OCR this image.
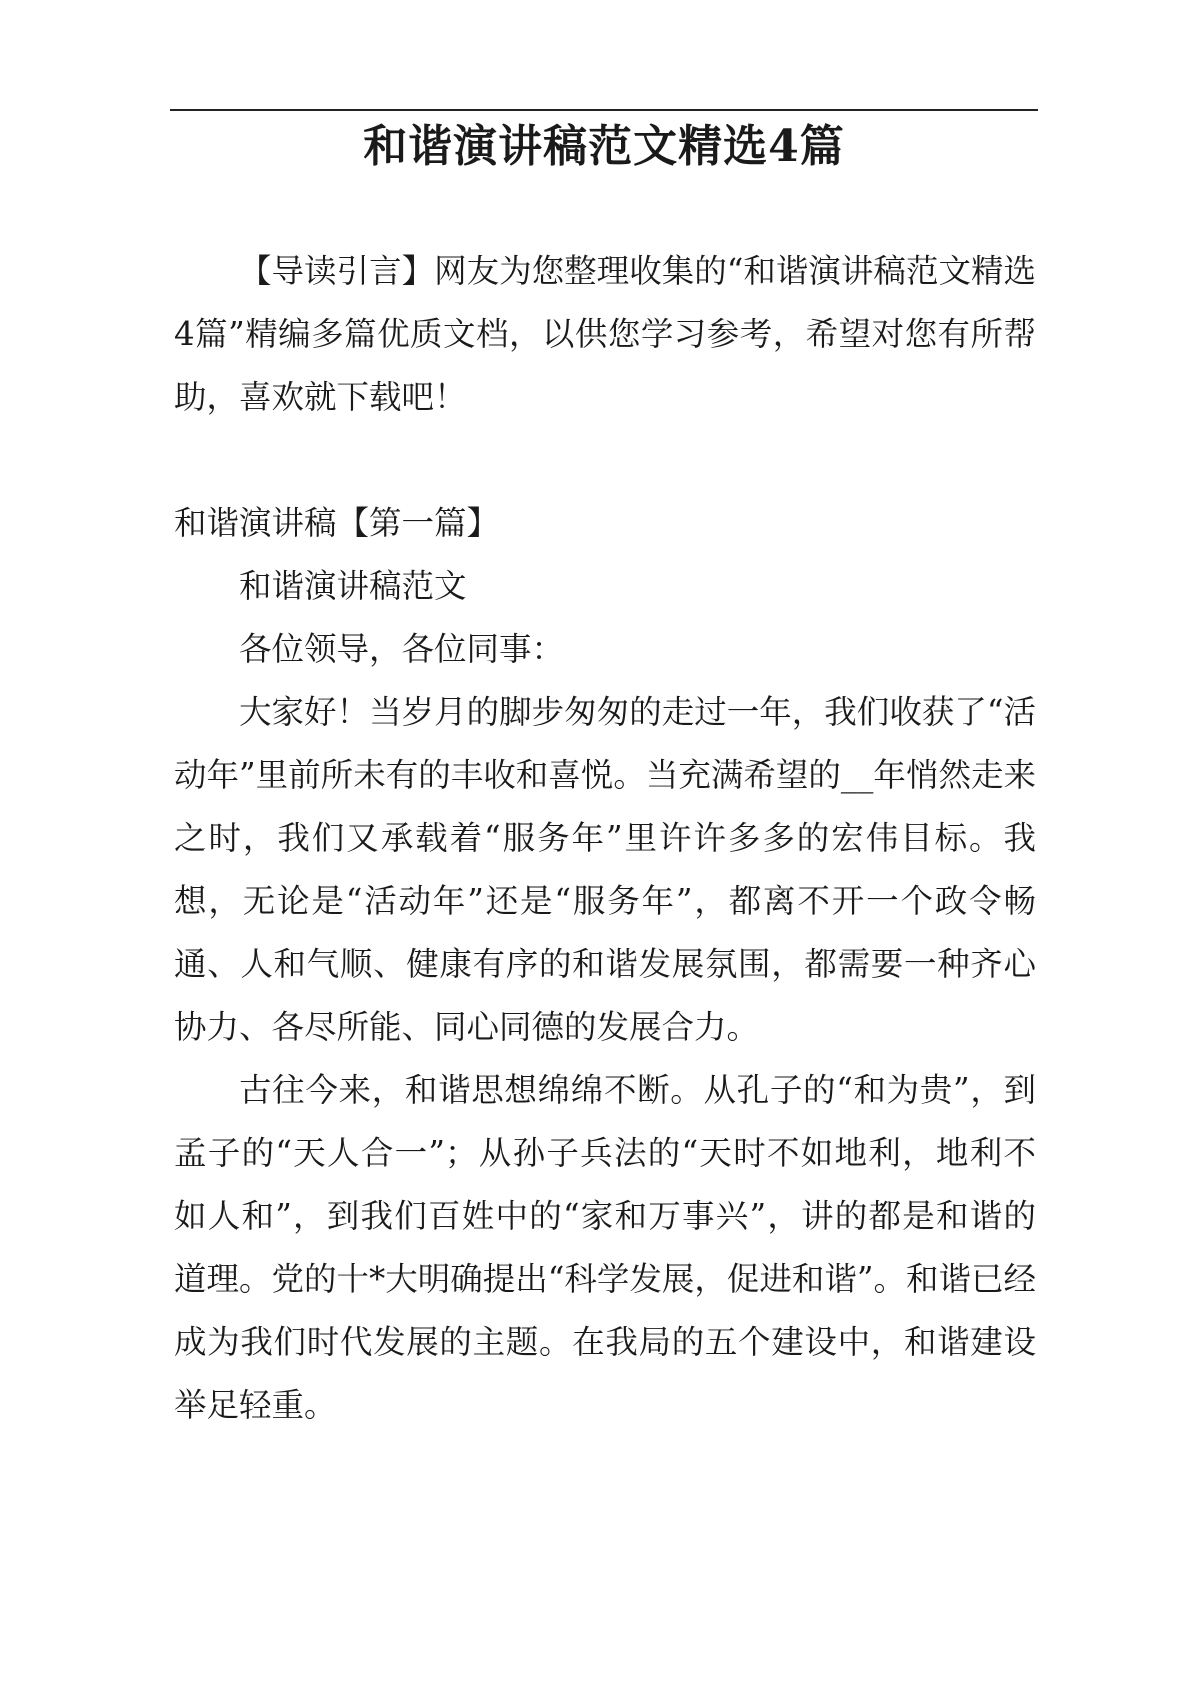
和谐演讲稿范文精选4篇

【导读引言】网友为您整理收集的“和谐演讲稿范文精选4篇”精编多篇优质文档，以供您学习参考，希望对您有所帮助，喜欢就下载吧！

和谐演讲稿【第一篇】

和谐演讲稿范文

各位领导，各位同事：

大家好！当岁月的脚步匆匆的走过一年，我们收获了“活动年”里前所未有的丰收和喜悦。当充满希望的__年悄然走来之时，我们又承载着“服务年”里许许多多的宏伟目标。我想，无论是“活动年”还是“服务年”，都离不开一个政令畅通、人和气顺、健康有序的和谐发展氛围，都需要一种齐心协力、各尽所能、同心同德的发展合力。

古往今来，和谐思想绵绵不断。从孔子的“和为贵”，到孟子的“天人合一”；从孙子兵法的“天时不如地利，地利不如人和”，到我们百姓中的“家和万事兴”，讲的都是和谐的道理。党的十*大明确提出“科学发展，促进和谐”。和谐已经成为我们时代发展的主题。在我局的五个建设中，和谐建设举足轻重。
